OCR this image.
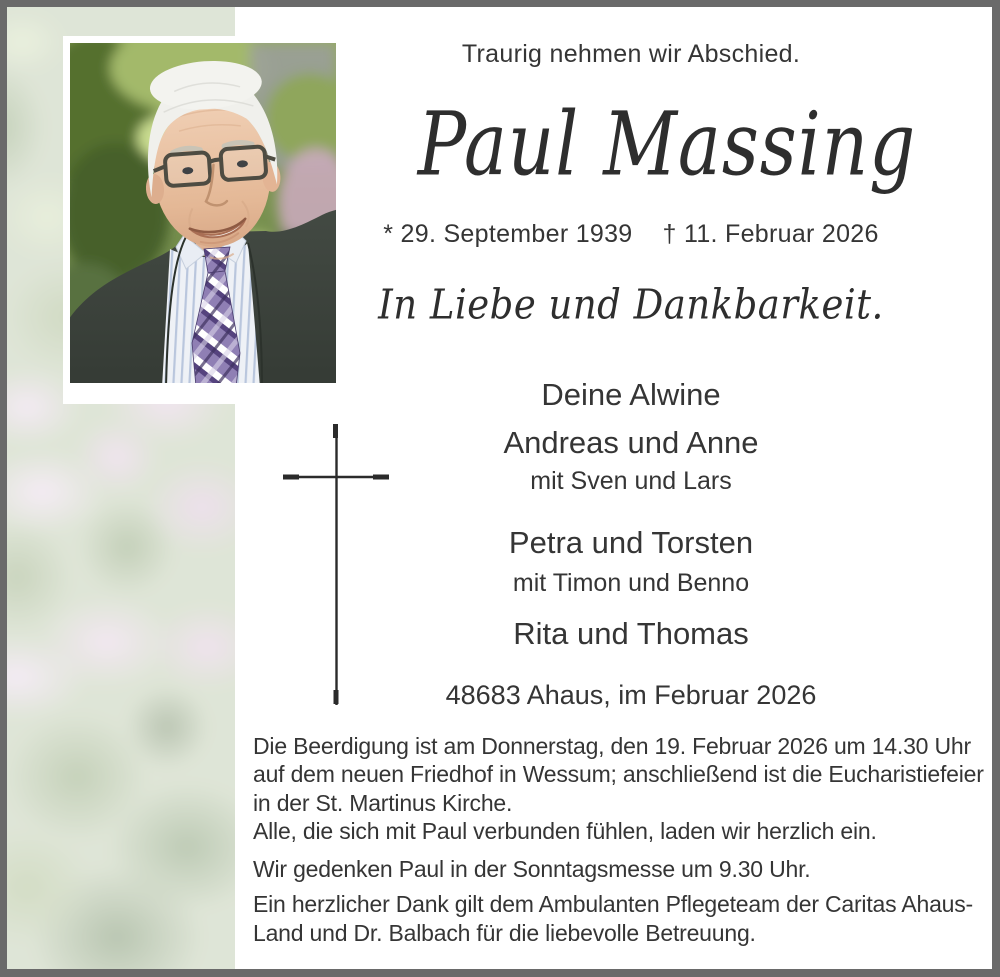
Traurig nehmen wir Abschied.
Paul Massing
* 29. September 1939 † 11. Februar 2026
In Liebe und Dankbarkeit.
Deine Alwine
Andreas und Anne
mit Sven und Lars
Petra und Torsten
mit Timon und Benno
Rita und Thomas
48683 Ahaus, im Februar 2026
Die Beerdigung ist am Donnerstag, den 19. Februar 2026 um 14.30 Uhr
auf dem neuen Friedhof in Wessum; anschließend ist die Eucharistiefeier
in der St. Martinus Kirche.
Alle, die sich mit Paul verbunden fühlen, laden wir herzlich ein.
Wir gedenken Paul in der Sonntagsmesse um 9.30 Uhr.
Ein herzlicher Dank gilt dem Ambulanten Pflegeteam der Caritas Ahaus-
Land und Dr. Balbach für die liebevolle Betreuung.
